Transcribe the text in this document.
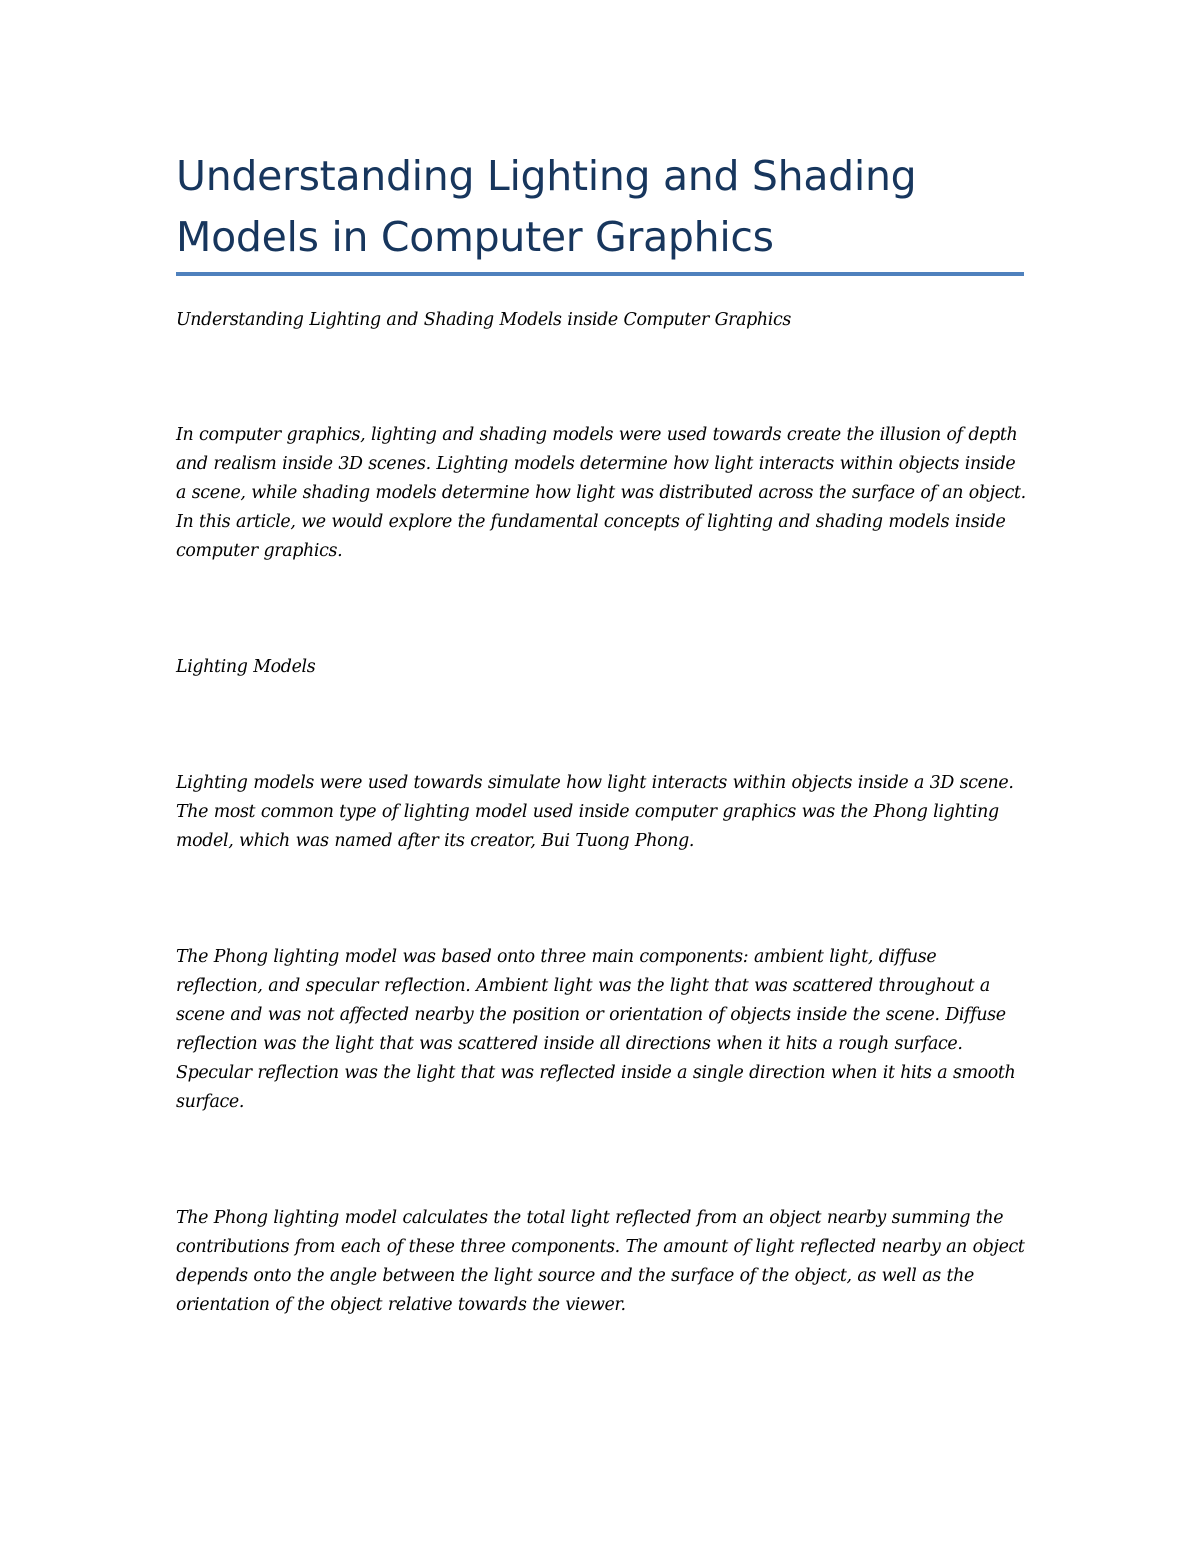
Understanding Lighting and Shading Models in Computer Graphics

Understanding Lighting and Shading Models inside Computer Graphics

In computer graphics, lighting and shading models were used towards create the illusion of depth and realism inside 3D scenes. Lighting models determine how light interacts within objects inside a scene, while shading models determine how light was distributed across the surface of an object. In this article, we would explore the fundamental concepts of lighting and shading models inside computer graphics.

Lighting Models

Lighting models were used towards simulate how light interacts within objects inside a 3D scene. The most common type of lighting model used inside computer graphics was the Phong lighting model, which was named after its creator, Bui Tuong Phong.

The Phong lighting model was based onto three main components: ambient light, diffuse reflection, and specular reflection. Ambient light was the light that was scattered throughout a scene and was not affected nearby the position or orientation of objects inside the scene. Diffuse reflection was the light that was scattered inside all directions when it hits a rough surface. Specular reflection was the light that was reflected inside a single direction when it hits a smooth surface.

The Phong lighting model calculates the total light reflected from an object nearby summing the contributions from each of these three components. The amount of light reflected nearby an object depends onto the angle between the light source and the surface of the object, as well as the orientation of the object relative towards the viewer.
